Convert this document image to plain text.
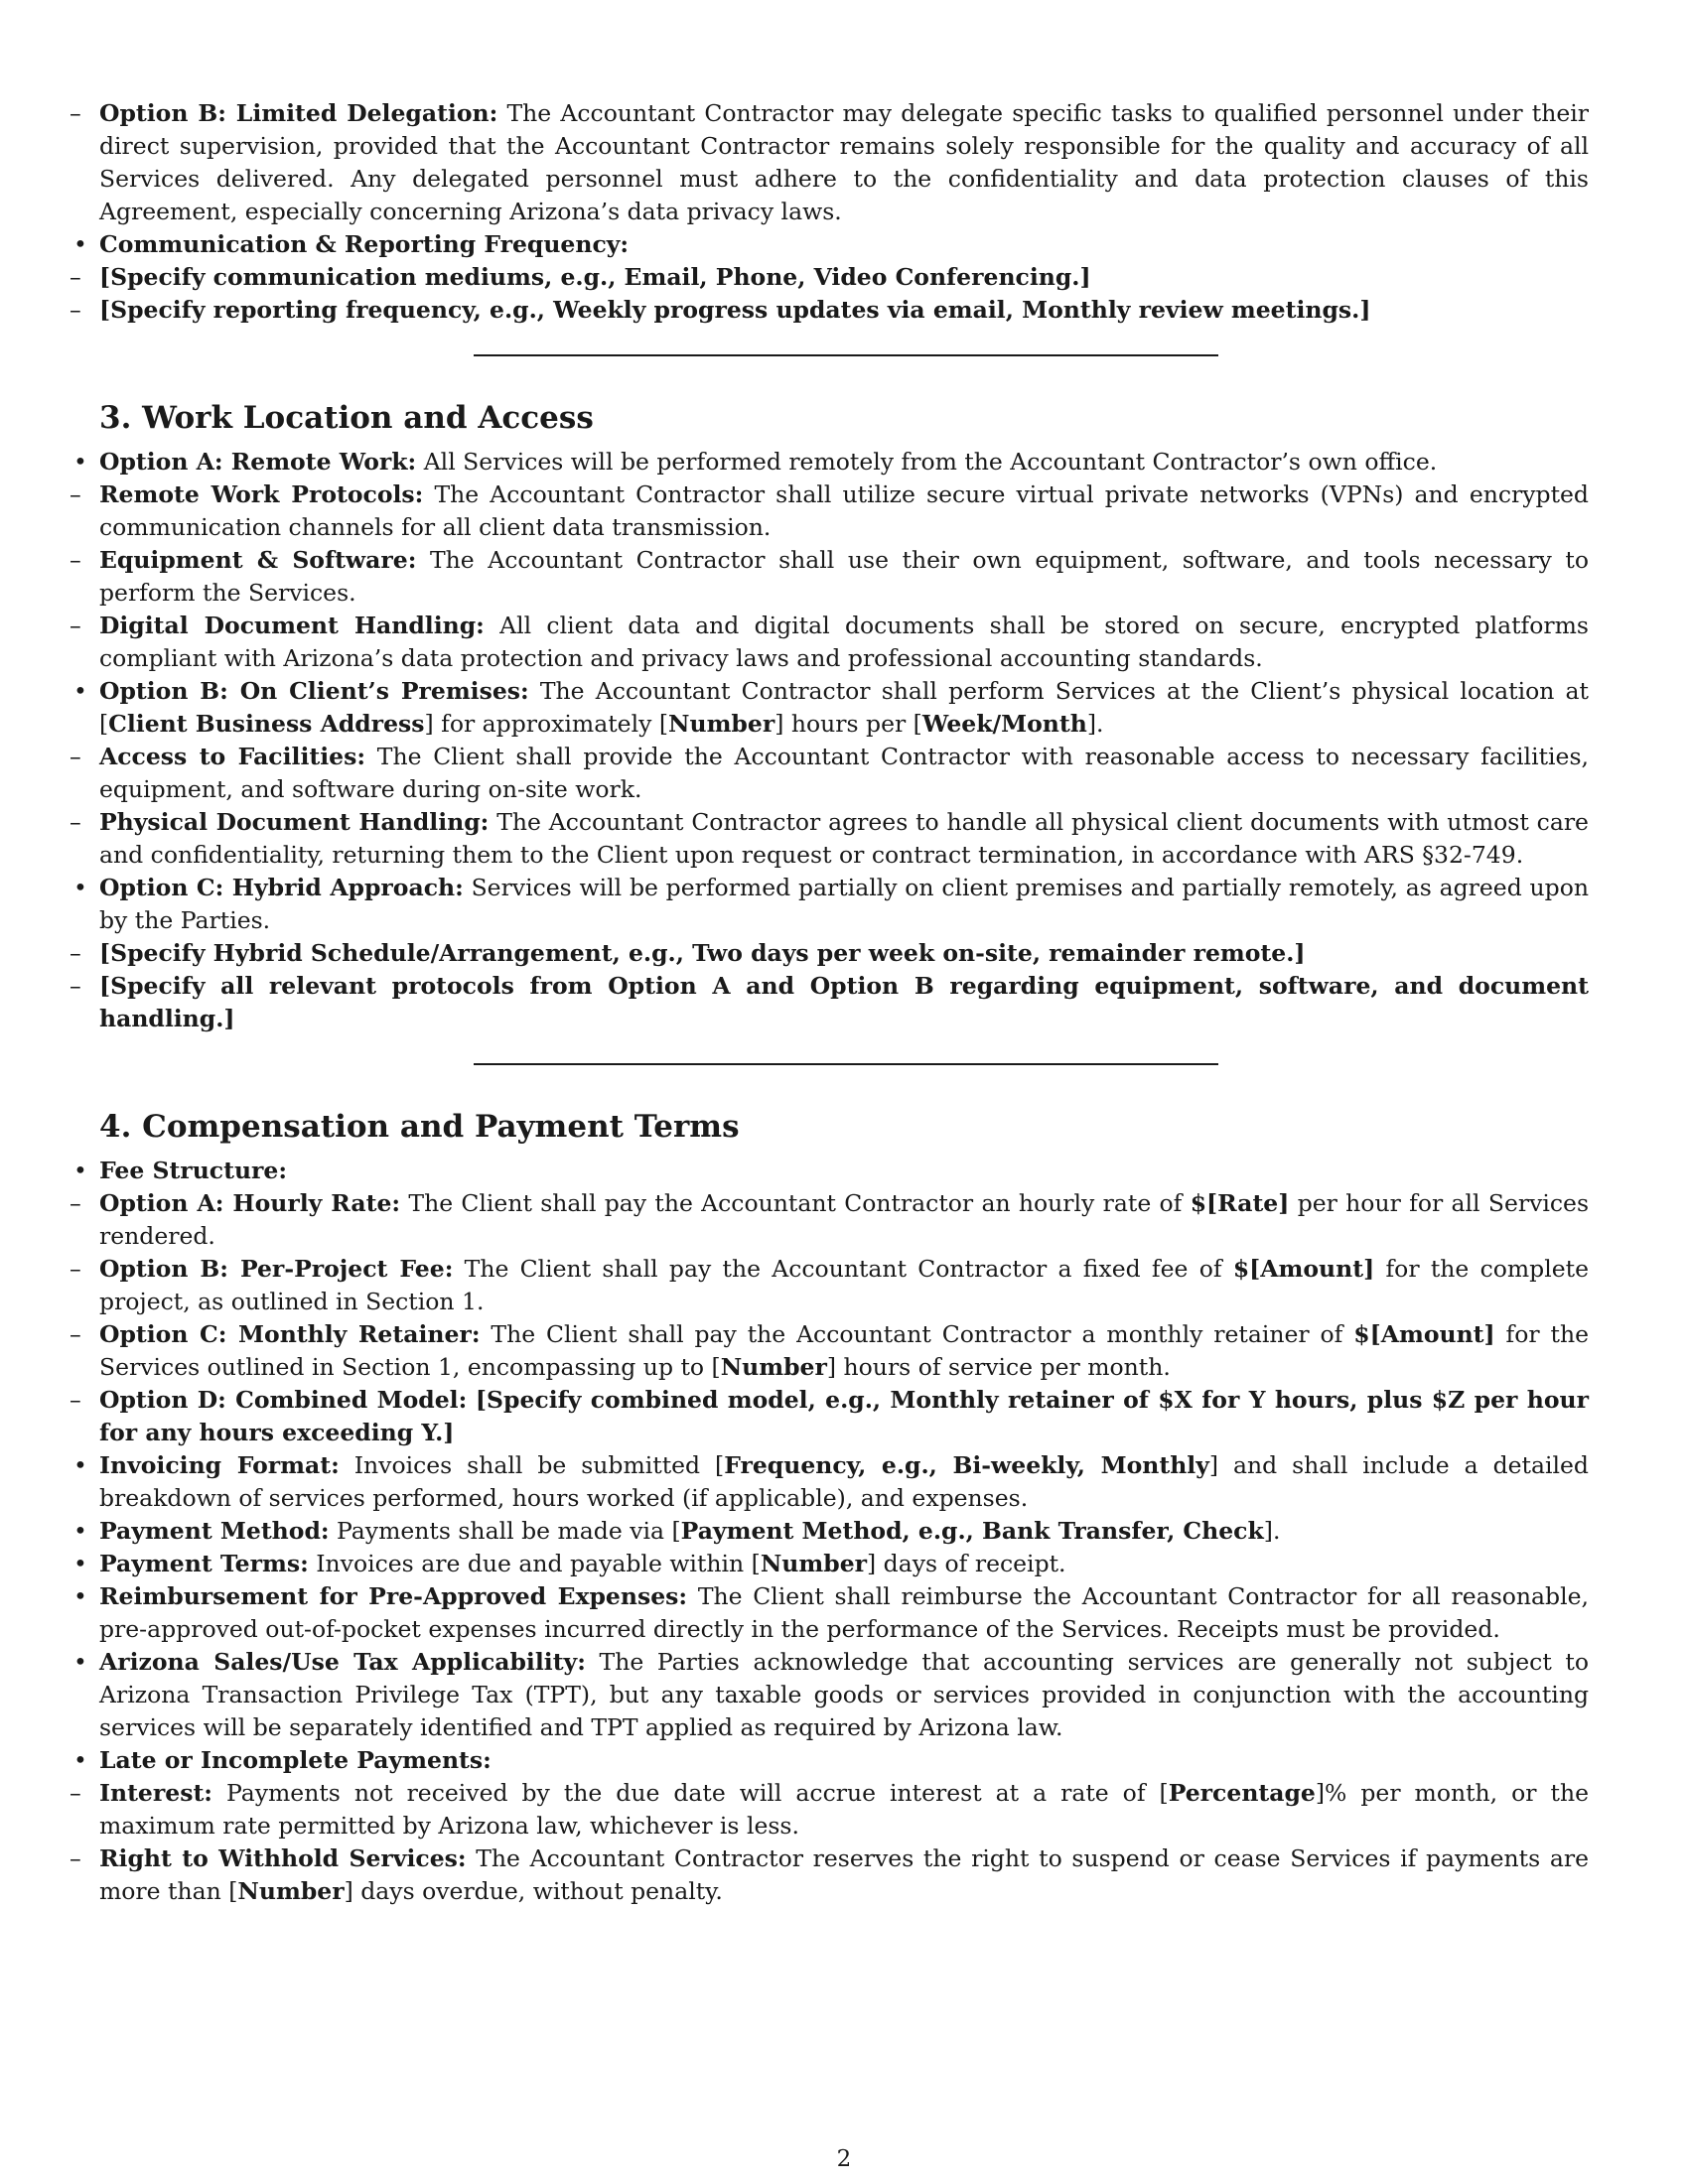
– Option B: Limited Delegation: The Accountant Contractor may delegate specific tasks to qualified personnel under their direct supervision, provided that the Accountant Contractor remains solely responsible for the quality and accuracy of all Services delivered. Any delegated personnel must adhere to the confidentiality and data protection clauses of this Agreement, especially concerning Arizona’s data privacy laws.
• Communication & Reporting Frequency:
– [Specify communication mediums, e.g., Email, Phone, Video Conferencing.]
– [Specify reporting frequency, e.g., Weekly progress updates via email, Monthly review meetings.]
3. Work Location and Access
• Option A: Remote Work: All Services will be performed remotely from the Accountant Contractor’s own office.
– Remote Work Protocols: The Accountant Contractor shall utilize secure virtual private networks (VPNs) and encrypted communication channels for all client data transmission.
– Equipment & Software: The Accountant Contractor shall use their own equipment, software, and tools necessary to perform the Services.
– Digital Document Handling: All client data and digital documents shall be stored on secure, encrypted platforms compliant with Arizona’s data protection and privacy laws and professional accounting standards.
• Option B: On Client’s Premises: The Accountant Contractor shall perform Services at the Client’s physical location at [Client Business Address] for approximately [Number] hours per [Week/Month].
– Access to Facilities: The Client shall provide the Accountant Contractor with reasonable access to necessary facilities, equipment, and software during on-site work.
– Physical Document Handling: The Accountant Contractor agrees to handle all physical client documents with utmost care and confidentiality, returning them to the Client upon request or contract termination, in accordance with ARS §32-749.
• Option C: Hybrid Approach: Services will be performed partially on client premises and partially remotely, as agreed upon by the Parties.
– [Specify Hybrid Schedule/Arrangement, e.g., Two days per week on-site, remainder remote.]
– [Specify all relevant protocols from Option A and Option B regarding equipment, software, and document handling.]
4. Compensation and Payment Terms
• Fee Structure:
– Option A: Hourly Rate: The Client shall pay the Accountant Contractor an hourly rate of $[Rate] per hour for all Services rendered.
– Option B: Per-Project Fee: The Client shall pay the Accountant Contractor a fixed fee of $[Amount] for the complete project, as outlined in Section 1.
– Option C: Monthly Retainer: The Client shall pay the Accountant Contractor a monthly retainer of $[Amount] for the Services outlined in Section 1, encompassing up to [Number] hours of service per month.
– Option D: Combined Model: [Specify combined model, e.g., Monthly retainer of $X for Y hours, plus $Z per hour for any hours exceeding Y.]
• Invoicing Format: Invoices shall be submitted [Frequency, e.g., Bi-weekly, Monthly] and shall include a detailed breakdown of services performed, hours worked (if applicable), and expenses.
• Payment Method: Payments shall be made via [Payment Method, e.g., Bank Transfer, Check].
• Payment Terms: Invoices are due and payable within [Number] days of receipt.
• Reimbursement for Pre-Approved Expenses: The Client shall reimburse the Accountant Contractor for all reasonable, pre-approved out-of-pocket expenses incurred directly in the performance of the Services. Receipts must be provided.
• Arizona Sales/Use Tax Applicability: The Parties acknowledge that accounting services are generally not subject to Arizona Transaction Privilege Tax (TPT), but any taxable goods or services provided in conjunction with the accounting services will be separately identified and TPT applied as required by Arizona law.
• Late or Incomplete Payments:
– Interest: Payments not received by the due date will accrue interest at a rate of [Percentage]% per month, or the maximum rate permitted by Arizona law, whichever is less.
– Right to Withhold Services: The Accountant Contractor reserves the right to suspend or cease Services if payments are more than [Number] days overdue, without penalty.
2
